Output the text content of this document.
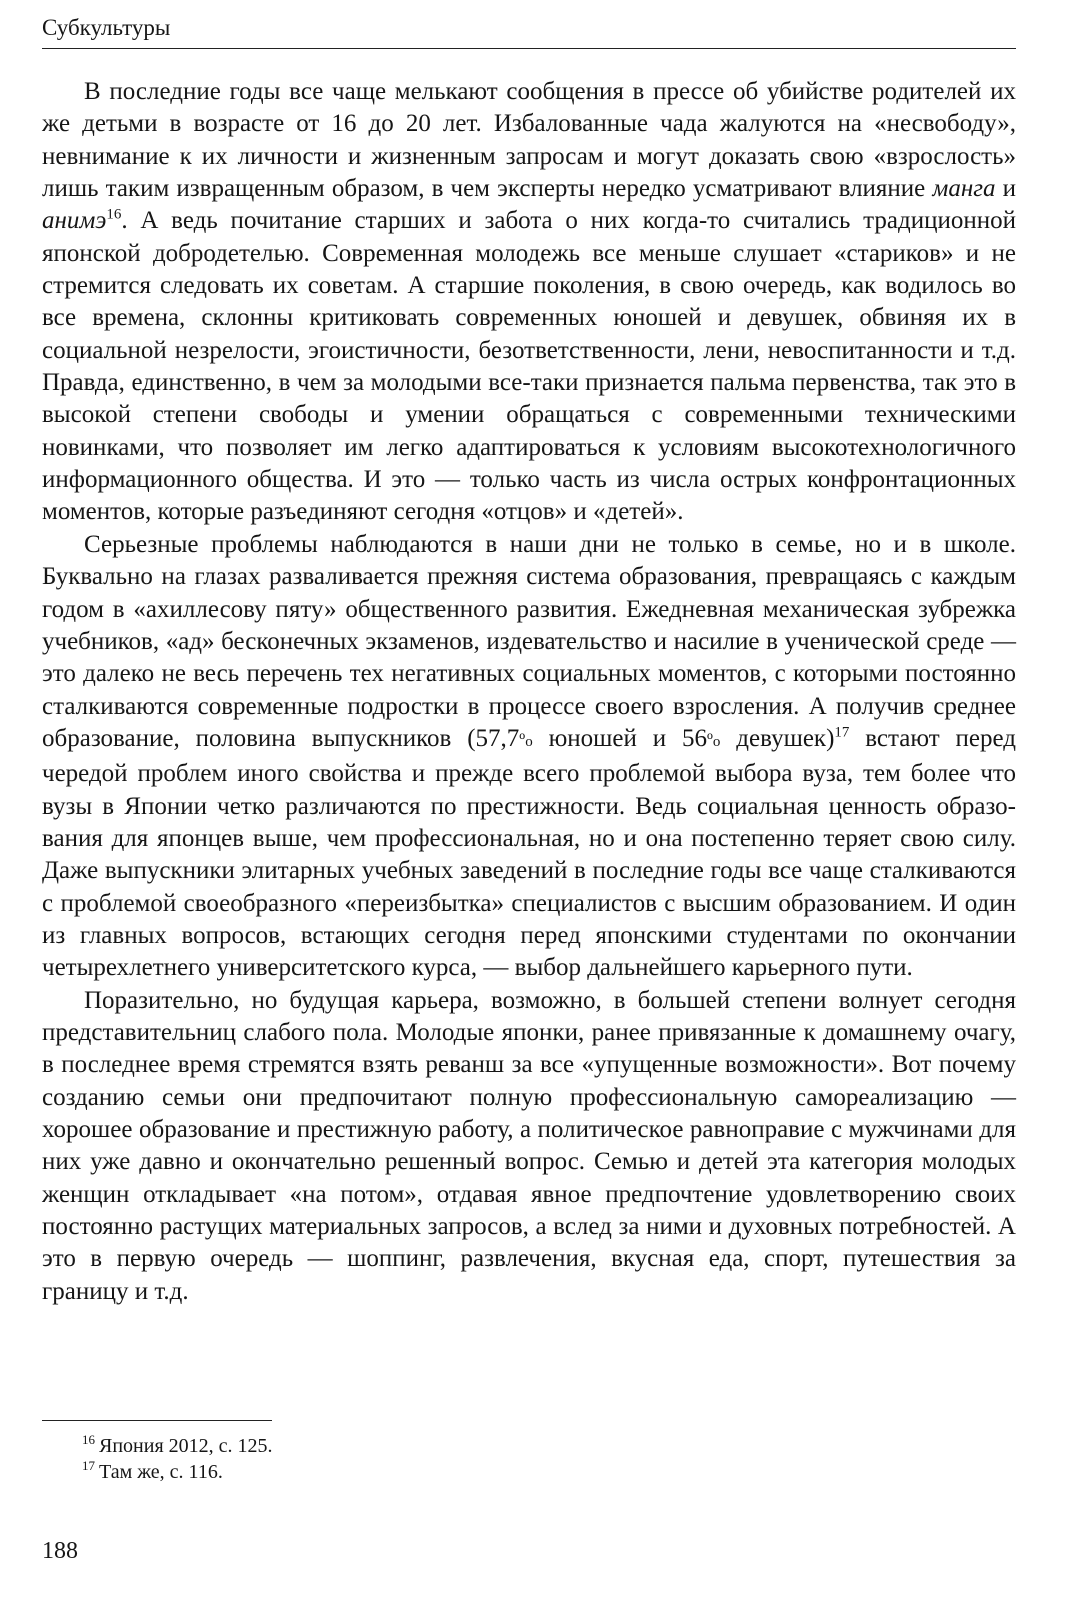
Субкультуры

В последние годы все чаще мелькают сообщения в прессе об убийстве родителей их же детьми в возрасте от 16 до 20 лет. Избалованные чада жалуются на «несвободу», невнимание к их личности и жизненным запросам и могут доказать свою «взрослость» лишь таким извращенным образом, в чем эксперты нередко усматривают влияние манга и анимэ$^{16}$. А ведь почитание старших и забота о них когда-то считались традиционной японской добродетелью. Современная молодежь все меньше слушает «стариков» и не стремится следовать их советам. А старшие поколения, в свою очередь, как водилось во все времена, склонны критиковать современных юношей и девушек, обвиняя их в социальной незрелости, эгоистичности, безответственности, лени, невоспитанности и т.д. Правда, единственно, в чем за молодыми все-таки признается пальма первенства, так это в высокой степени свободы и умении обращаться с современными техническими новинками, что позволяет им легко адаптироваться к условиям высокотехнологичного информационного общества. И это — только часть из числа острых конфронтационных моментов, которые разъединяют сегодня «отцов» и «детей».

Серьезные проблемы наблюдаются в наши дни не только в семье, но и в школе. Буквально на глазах разваливается прежняя система образования, превращаясь с каждым годом в «ахиллесову пяту» общественного развития. Ежедневная механическая зубрежка учебников, «ад» бесконечных экзаменов, издевательство и насилие в ученической среде — это далеко не весь перечень тех негативных социальных моментов, с которыми постоянно сталкиваются современные подростки в процессе своего взросления. А получив среднее образование, половина выпускников (57,7ºo юношей и 56ºo девушек)$^{17}$ встают перед чередой проблем иного свойства и прежде всего проблемой выбора вуза, тем более что вузы в Японии четко различаются по престижности. Ведь социальная ценность образования для японцев выше, чем профессиональная, но и она постепенно теряет свою силу. Даже выпускники элитарных учебных заведений в последние годы все чаще сталкиваются с проблемой своеобразного «переизбытка» специалистов с высшим образованием. И один из главных вопросов, встающих сегодня перед японскими студентами по окончании четырехлетнего университетского курса, — выбор дальнейшего карьерного пути.

Поразительно, но будущая карьера, возможно, в большей степени волнует сегодня представительниц слабого пола. Молодые японки, ранее привязанные к домашнему очагу, в последнее время стремятся взять реванш за все «упущенные возможности». Вот почему созданию семьи они предпочитают полную профессиональную самореализацию — хорошее образование и престижную работу, а политическое равноправие с мужчинами для них уже давно и окончательно решенный вопрос. Семью и детей эта категория молодых женщин откладывает «на потом», отдавая явное предпочтение удовлетворению своих постоянно растущих материальных запросов, а вслед за ними и духовных потребностей. А это в первую очередь — шоппинг, развлечения, вкусная еда, спорт, путешествия за границу и т.д.

$^{16}$ Япония 2012, с. 125.
$^{17}$ Там же, с. 116.
188
